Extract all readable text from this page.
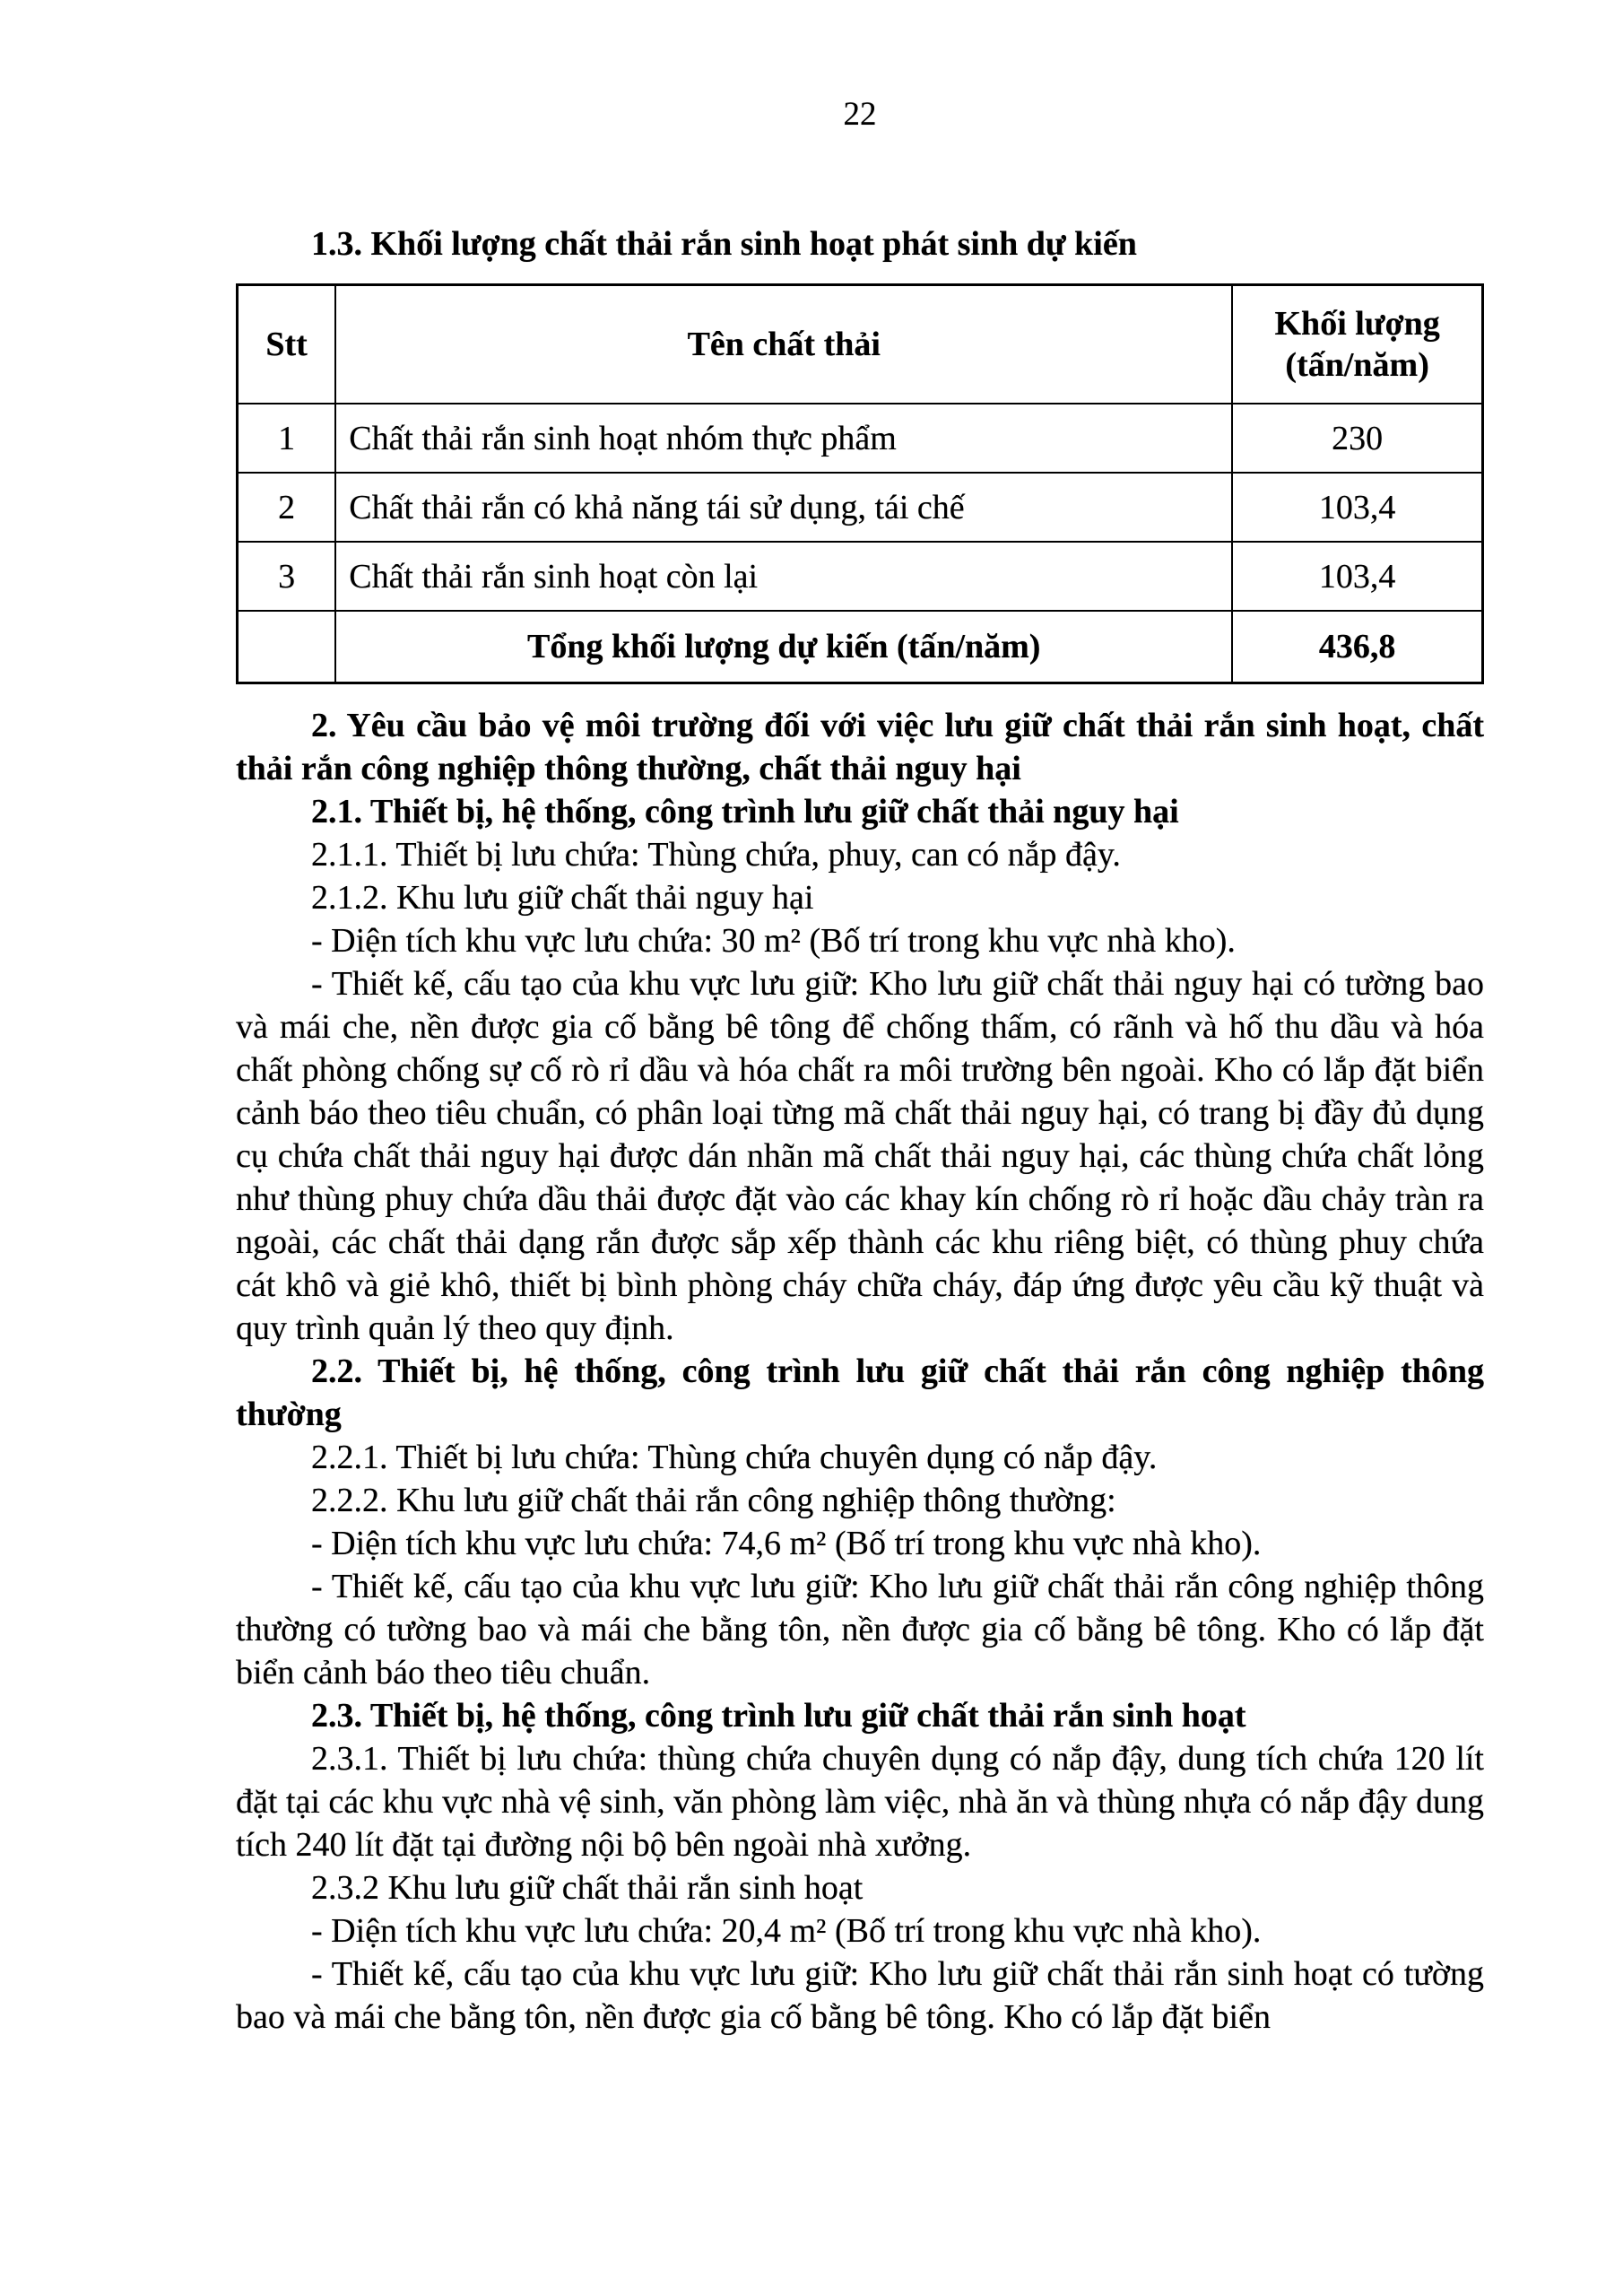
22
1.3. Khối lượng chất thải rắn sinh hoạt phát sinh dự kiến
Stt	Tên chất thải	Khối lượng
(tấn/năm)

1	Chất thải rắn sinh hoạt nhóm thực phẩm	230
2	Chất thải rắn có khả năng tái sử dụng, tái chế	103,4
3	Chất thải rắn sinh hoạt còn lại	103,4
	Tổng khối lượng dự kiến (tấn/năm)	436,8

2. Yêu cầu bảo vệ môi trường đối với việc lưu giữ chất thải rắn sinh hoạt, chất thải rắn công nghiệp thông thường, chất thải nguy hại

2.1. Thiết bị, hệ thống, công trình lưu giữ chất thải nguy hại

2.1.1. Thiết bị lưu chứa: Thùng chứa, phuy, can có nắp đậy.

2.1.2. Khu lưu giữ chất thải nguy hại

- Diện tích khu vực lưu chứa: 30 m² (Bố trí trong khu vực nhà kho).

- Thiết kế, cấu tạo của khu vực lưu giữ: Kho lưu giữ chất thải nguy hại có tường bao và mái che, nền được gia cố bằng bê tông để chống thấm, có rãnh và hố thu dầu và hóa chất phòng chống sự cố rò rỉ dầu và hóa chất ra môi trường bên ngoài. Kho có lắp đặt biển cảnh báo theo tiêu chuẩn, có phân loại từng mã chất thải nguy hại, có trang bị đầy đủ dụng cụ chứa chất thải nguy hại được dán nhãn mã chất thải nguy hại, các thùng chứa chất lỏng như thùng phuy chứa dầu thải được đặt vào các khay kín chống rò rỉ hoặc dầu chảy tràn ra ngoài, các chất thải dạng rắn được sắp xếp thành các khu riêng biệt, có thùng phuy chứa cát khô và giẻ khô, thiết bị bình phòng cháy chữa cháy, đáp ứng được yêu cầu kỹ thuật và quy trình quản lý theo quy định.

2.2. Thiết bị, hệ thống, công trình lưu giữ chất thải rắn công nghiệp thông thường

2.2.1. Thiết bị lưu chứa: Thùng chứa chuyên dụng có nắp đậy.

2.2.2. Khu lưu giữ chất thải rắn công nghiệp thông thường:

- Diện tích khu vực lưu chứa: 74,6 m² (Bố trí trong khu vực nhà kho).

- Thiết kế, cấu tạo của khu vực lưu giữ: Kho lưu giữ chất thải rắn công nghiệp thông thường có tường bao và mái che bằng tôn, nền được gia cố bằng bê tông. Kho có lắp đặt biển cảnh báo theo tiêu chuẩn.

2.3. Thiết bị, hệ thống, công trình lưu giữ chất thải rắn sinh hoạt

2.3.1. Thiết bị lưu chứa: thùng chứa chuyên dụng có nắp đậy, dung tích chứa 120 lít đặt tại các khu vực nhà vệ sinh, văn phòng làm việc, nhà ăn và thùng nhựa có nắp đậy dung tích 240 lít đặt tại đường nội bộ bên ngoài nhà xưởng.

2.3.2 Khu lưu giữ chất thải rắn sinh hoạt

- Diện tích khu vực lưu chứa: 20,4 m² (Bố trí trong khu vực nhà kho).

- Thiết kế, cấu tạo của khu vực lưu giữ: Kho lưu giữ chất thải rắn sinh hoạt có tường bao và mái che bằng tôn, nền được gia cố bằng bê tông. Kho có lắp đặt biển
